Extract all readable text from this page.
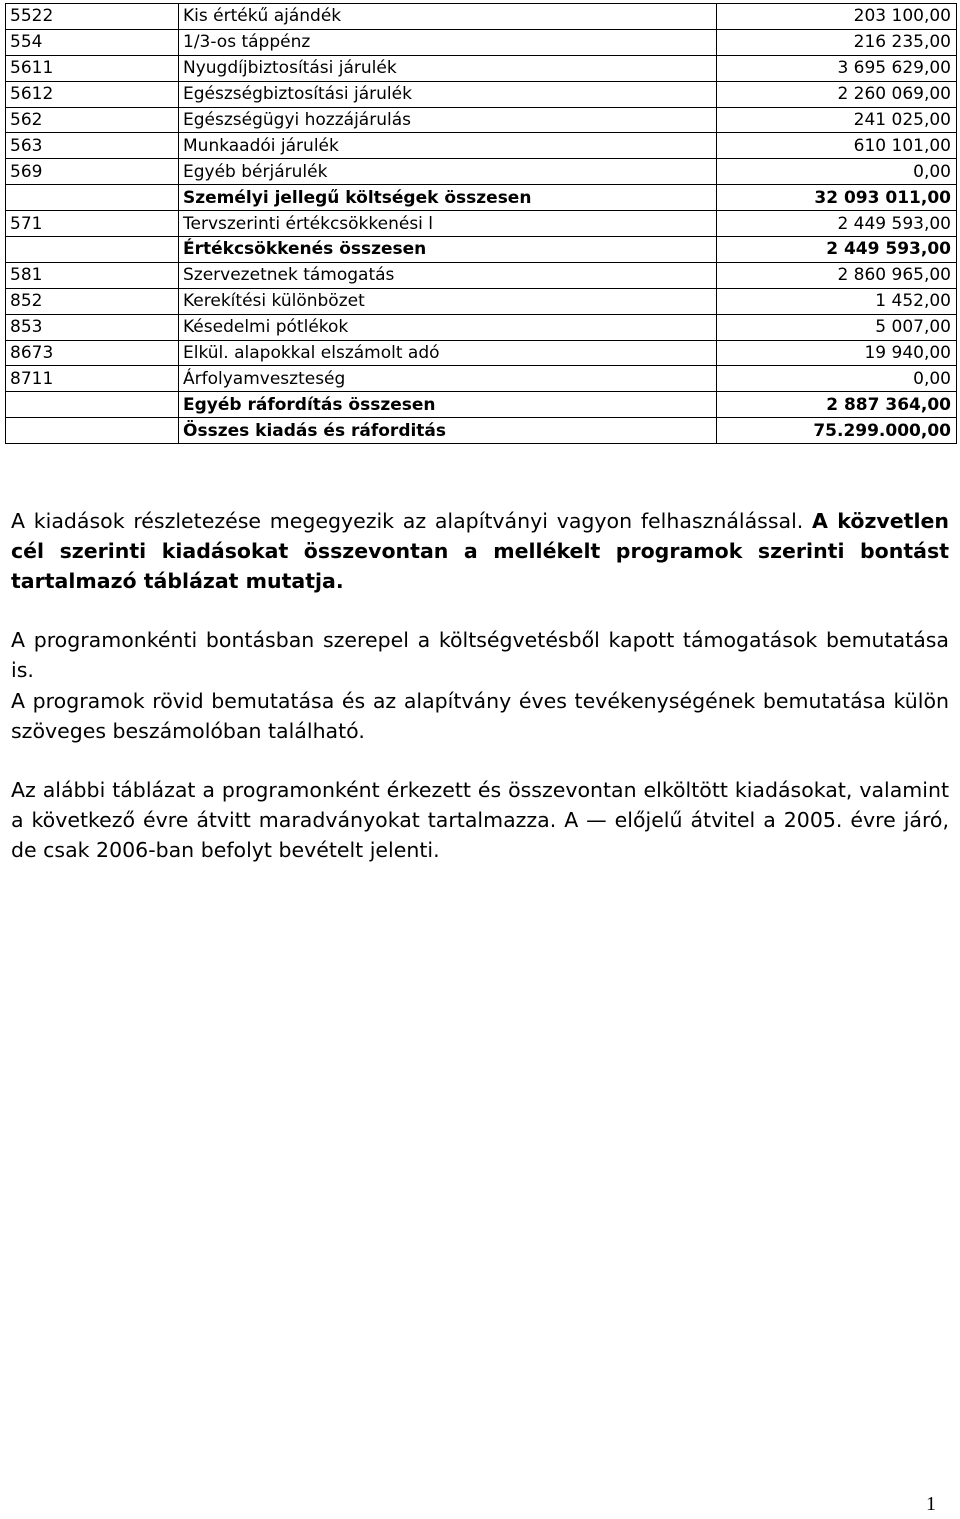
5522	Kis értékű ajándék	203 100,00
554	1/3-os táppénz	216 235,00
5611	Nyugdíjbiztosítási járulék	3 695 629,00
5612	Egészségbiztosítási járulék	2 260 069,00
562	Egészségügyi hozzájárulás	241 025,00
563	Munkaadói járulék	610 101,00
569	Egyéb bérjárulék	0,00
	Személyi jellegű költségek összesen	32 093 011,00
571	Tervszerinti értékcsökkenési l	2 449 593,00
	Értékcsökkenés összesen	2 449 593,00
581	Szervezetnek támogatás	2 860 965,00
852	Kerekítési különbözet	1 452,00
853	Késedelmi pótlékok	5 007,00
8673	Elkül. alapokkal elszámolt adó	19 940,00
8711	Árfolyamveszteség	0,00
	Egyéb ráfordítás összesen	2 887 364,00
	Összes kiadás és ráforditás	75.299.000,00

A kiadások részletezése megegyezik az alapítványi vagyon felhasználással. A közvetlen cél szerinti kiadásokat összevontan a mellékelt programok szerinti bontást tartalmazó táblázat mutatja.

A programonkénti bontásban szerepel a költségvetésből kapott támogatások bemutatása is.

A programok rövid bemutatása és az alapítvány éves tevékenységének bemutatása külön szöveges beszámolóban található.

Az alábbi táblázat a programonként érkezett és összevontan elköltött kiadásokat, valamint a következő évre átvitt maradványokat tartalmazza. A — előjelű átvitel a 2005. évre járó, de csak 2006-ban befolyt bevételt jelenti.

1
